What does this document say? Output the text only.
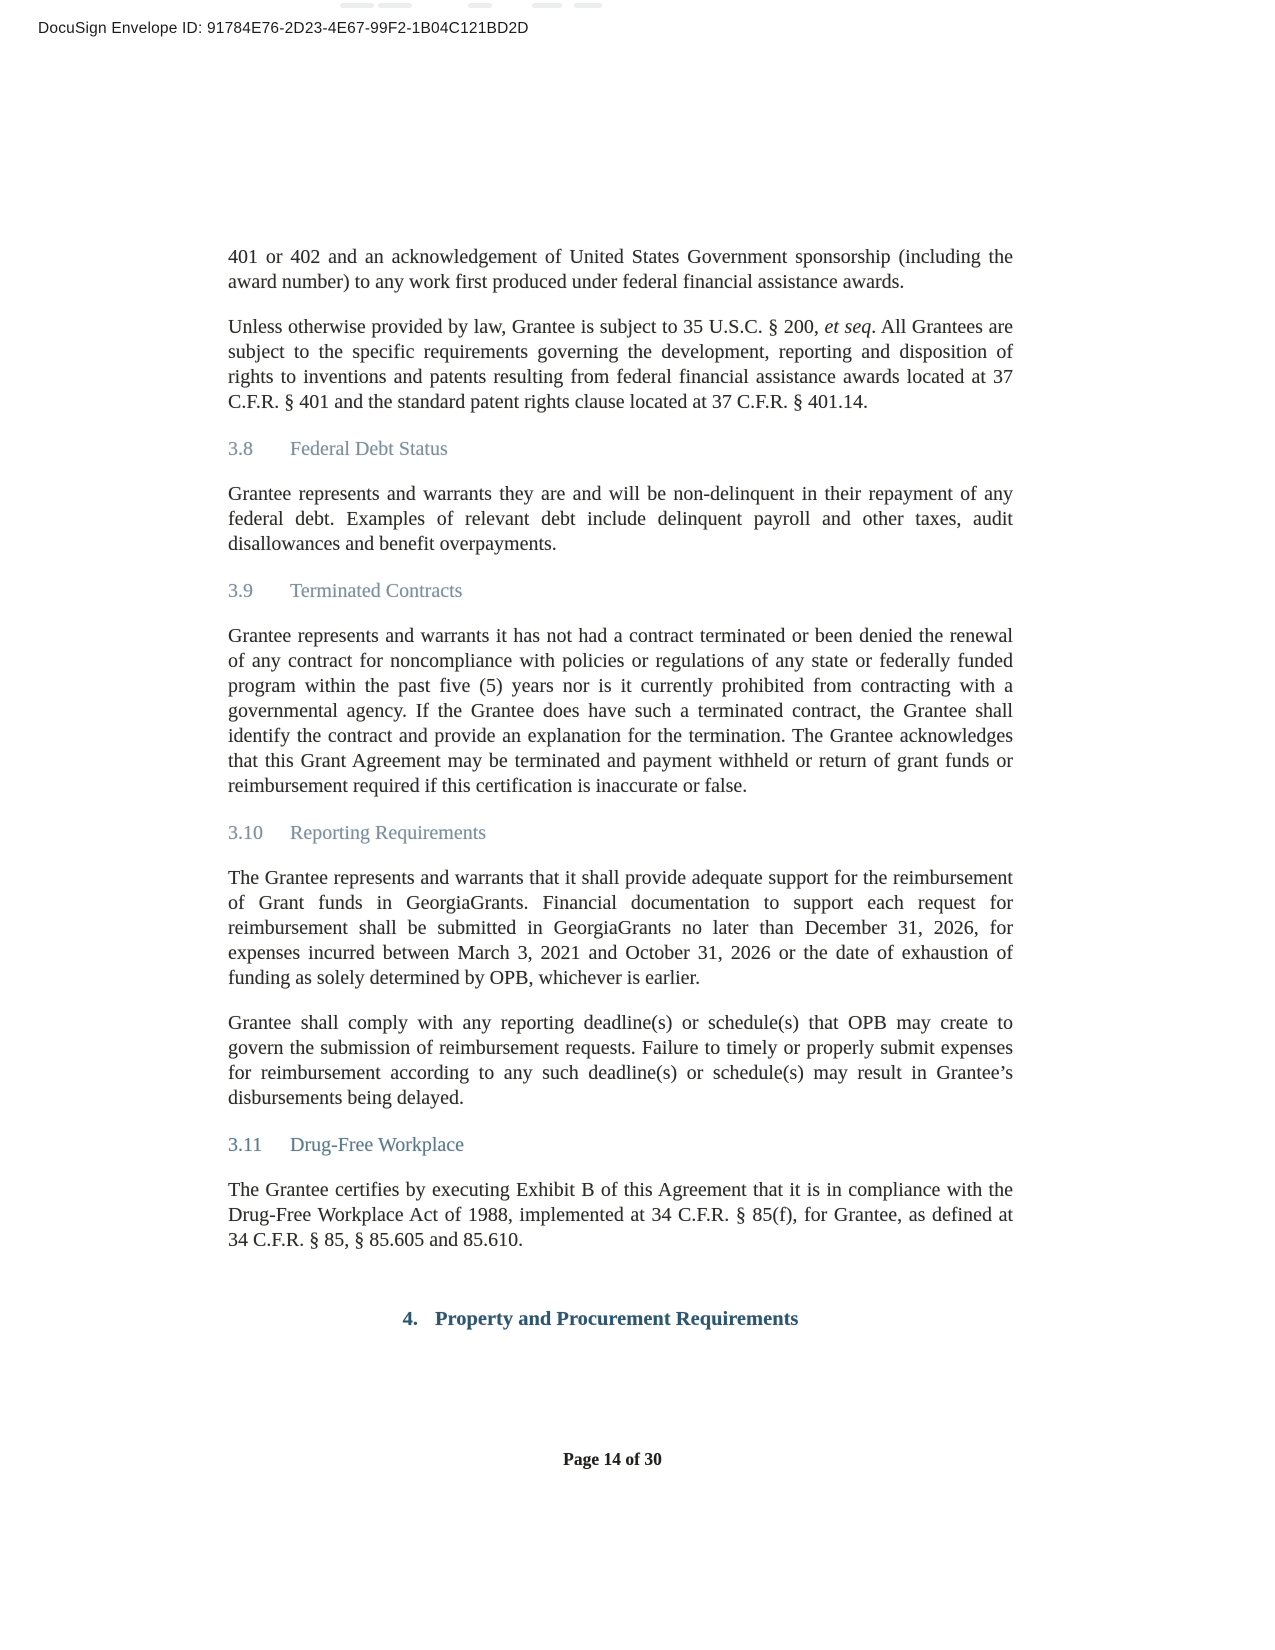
DocuSign Envelope ID: 91784E76-2D23-4E67-99F2-1B04C121BD2D

401 or 402 and an acknowledgement of United States Government sponsorship (including the award number) to any work first produced under federal financial assistance awards.

Unless otherwise provided by law, Grantee is subject to 35 U.S.C. § 200, et seq. All Grantees are subject to the specific requirements governing the development, reporting and disposition of rights to inventions and patents resulting from federal financial assistance awards located at 37 C.F.R. § 401 and the standard patent rights clause located at 37 C.F.R. § 401.14.

3.8 Federal Debt Status

Grantee represents and warrants they are and will be non-delinquent in their repayment of any federal debt. Examples of relevant debt include delinquent payroll and other taxes, audit disallowances and benefit overpayments.

3.9 Terminated Contracts

Grantee represents and warrants it has not had a contract terminated or been denied the renewal of any contract for noncompliance with policies or regulations of any state or federally funded program within the past five (5) years nor is it currently prohibited from contracting with a governmental agency. If the Grantee does have such a terminated contract, the Grantee shall identify the contract and provide an explanation for the termination. The Grantee acknowledges that this Grant Agreement may be terminated and payment withheld or return of grant funds or reimbursement required if this certification is inaccurate or false.

3.10 Reporting Requirements

The Grantee represents and warrants that it shall provide adequate support for the reimbursement of Grant funds in GeorgiaGrants. Financial documentation to support each request for reimbursement shall be submitted in GeorgiaGrants no later than December 31, 2026, for expenses incurred between March 3, 2021 and October 31, 2026 or the date of exhaustion of funding as solely determined by OPB, whichever is earlier.

Grantee shall comply with any reporting deadline(s) or schedule(s) that OPB may create to govern the submission of reimbursement requests. Failure to timely or properly submit expenses for reimbursement according to any such deadline(s) or schedule(s) may result in Grantee’s disbursements being delayed.

3.11 Drug-Free Workplace

The Grantee certifies by executing Exhibit B of this Agreement that it is in compliance with the Drug-Free Workplace Act of 1988, implemented at 34 C.F.R. § 85(f), for Grantee, as defined at 34 C.F.R. § 85, § 85.605 and 85.610.

4. Property and Procurement Requirements
Page 14 of 30
